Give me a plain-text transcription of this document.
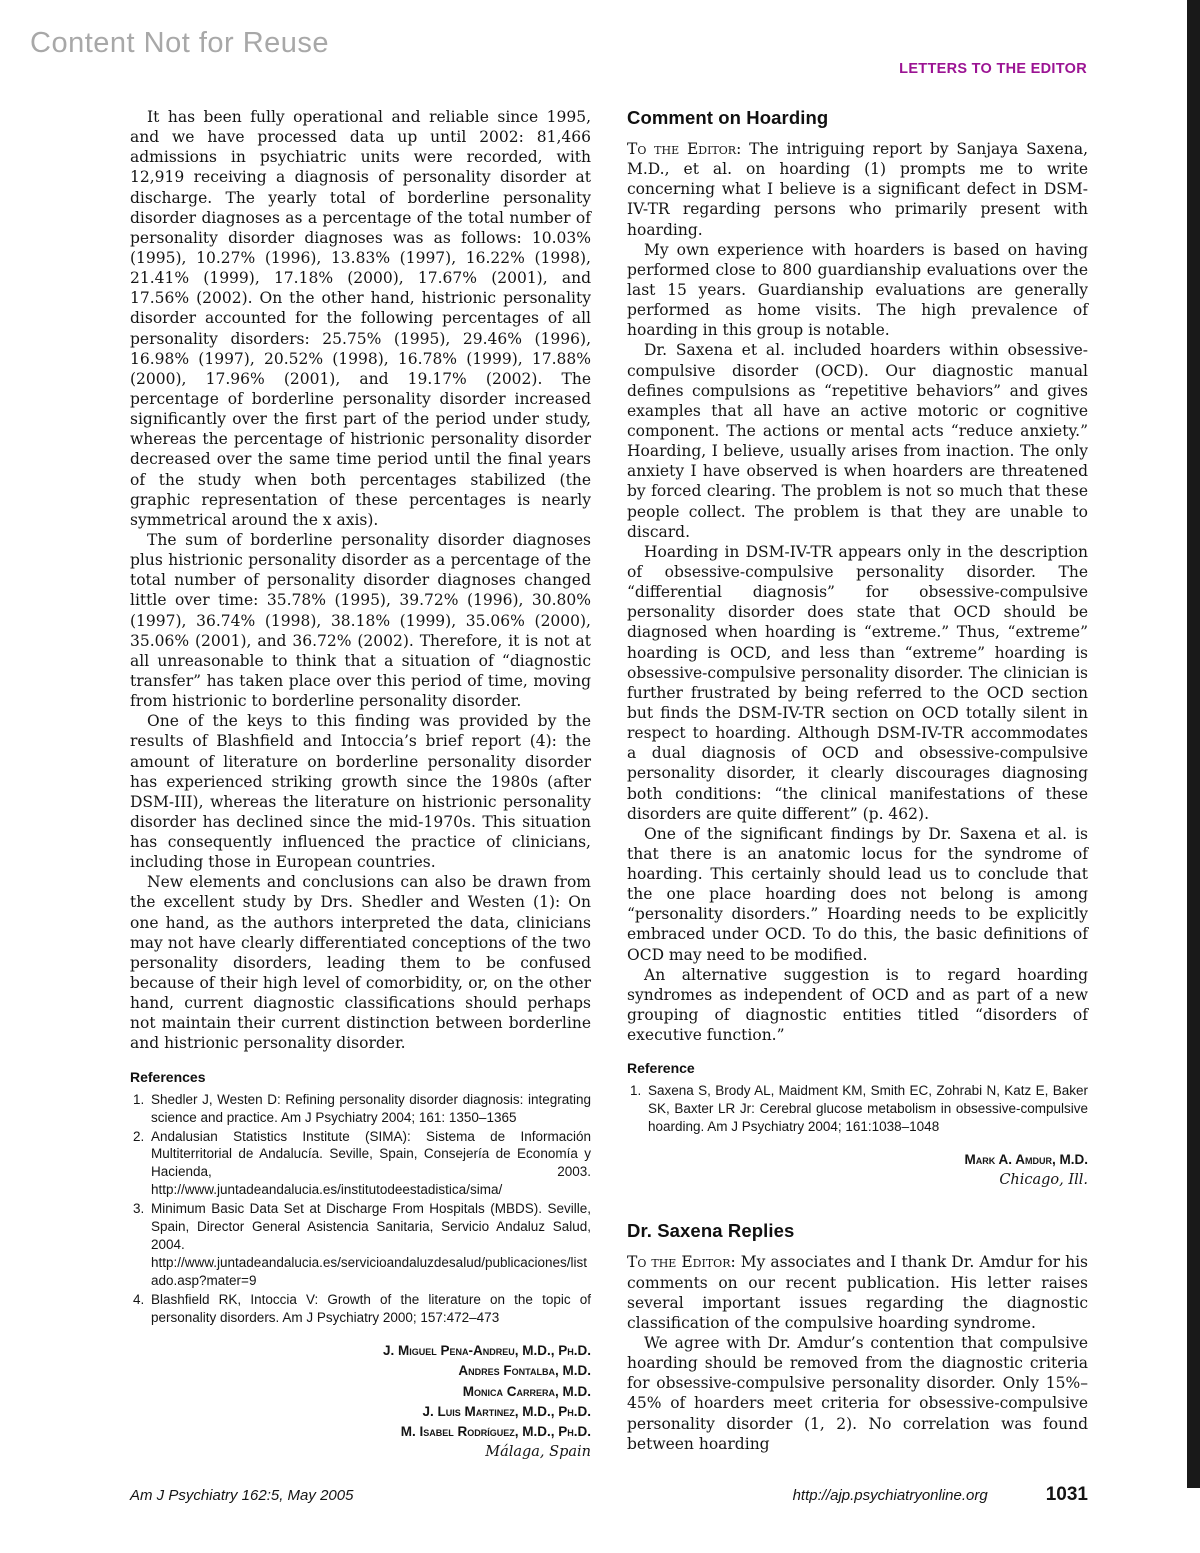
Content Not for Reuse
LETTERS TO THE EDITOR

It has been fully operational and reliable since 1995, and we have processed data up until 2002: 81,466 admissions in psychiatric units were recorded, with 12,919 receiving a diagnosis of personality disorder at discharge. The yearly total of borderline personality disorder diagnoses as a percentage of the total number of personality disorder diagnoses was as follows: 10.03% (1995), 10.27% (1996), 13.83% (1997), 16.22% (1998), 21.41% (1999), 17.18% (2000), 17.67% (2001), and 17.56% (2002). On the other hand, histrionic personality disorder accounted for the following percentages of all personality disorders: 25.75% (1995), 29.46% (1996), 16.98% (1997), 20.52% (1998), 16.78% (1999), 17.88% (2000), 17.96% (2001), and 19.17% (2002). The percentage of borderline personality disorder increased significantly over the first part of the period under study, whereas the percentage of histrionic personality disorder decreased over the same time period until the final years of the study when both percentages stabilized (the graphic representation of these percentages is nearly symmetrical around the x axis).

The sum of borderline personality disorder diagnoses plus histrionic personality disorder as a percentage of the total number of personality disorder diagnoses changed little over time: 35.78% (1995), 39.72% (1996), 30.80% (1997), 36.74% (1998), 38.18% (1999), 35.06% (2000), 35.06% (2001), and 36.72% (2002). Therefore, it is not at all unreasonable to think that a situation of “diagnostic transfer” has taken place over this period of time, moving from histrionic to borderline personality disorder.

One of the keys to this finding was provided by the results of Blashfield and Intoccia’s brief report (4): the amount of literature on borderline personality disorder has experienced striking growth since the 1980s (after DSM-III), whereas the literature on histrionic personality disorder has declined since the mid-1970s. This situation has consequently influenced the practice of clinicians, including those in European countries.

New elements and conclusions can also be drawn from the excellent study by Drs. Shedler and Westen (1): On one hand, as the authors interpreted the data, clinicians may not have clearly differentiated conceptions of the two personality disorders, leading them to be confused because of their high level of comorbidity, or, on the other hand, current diagnostic classifications should perhaps not maintain their current distinction between borderline and histrionic personality disorder.

References
Shedler J, Westen D: Refining personality disorder diagnosis: integrating science and practice. Am J Psychiatry 2004; 161: 1350–1365
Andalusian Statistics Institute (SIMA): Sistema de Información Multiterritorial de Andalucía. Seville, Spain, Consejería de Economía y Hacienda, 2003. http://www.juntadeandalucia.es/institutodeestadistica/sima/
Minimum Basic Data Set at Discharge From Hospitals (MBDS). Seville, Spain, Director General Asistencia Sanitaria, Servicio Andaluz Salud, 2004. http://www.juntadeandalucia.es/servicioandaluzdesalud/publicaciones/listado.asp?mater=9
Blashfield RK, Intoccia V: Growth of the literature on the topic of personality disorders. Am J Psychiatry 2000; 157:472–473
J. Miguel Pena-Andreu, M.D., Ph.D.
Andres Fontalba, M.D.
Monica Carrera, M.D.
J. Luis Martinez, M.D., Ph.D.
M. Isabel Rodríguez, M.D., Ph.D.
Málaga, Spain
Comment on Hoarding

To the Editor: The intriguing report by Sanjaya Saxena, M.D., et al. on hoarding (1) prompts me to write concerning what I believe is a significant defect in DSM-IV-TR regarding persons who primarily present with hoarding.

My own experience with hoarders is based on having performed close to 800 guardianship evaluations over the last 15 years. Guardianship evaluations are generally performed as home visits. The high prevalence of hoarding in this group is notable.

Dr. Saxena et al. included hoarders within obsessive-compulsive disorder (OCD). Our diagnostic manual defines compulsions as “repetitive behaviors” and gives examples that all have an active motoric or cognitive component. The actions or mental acts “reduce anxiety.” Hoarding, I believe, usually arises from inaction. The only anxiety I have observed is when hoarders are threatened by forced clearing. The problem is not so much that these people collect. The problem is that they are unable to discard.

Hoarding in DSM-IV-TR appears only in the description of obsessive-compulsive personality disorder. The “differential diagnosis” for obsessive-compulsive personality disorder does state that OCD should be diagnosed when hoarding is “extreme.” Thus, “extreme” hoarding is OCD, and less than “extreme” hoarding is obsessive-compulsive personality disorder. The clinician is further frustrated by being referred to the OCD section but finds the DSM-IV-TR section on OCD totally silent in respect to hoarding. Although DSM-IV-TR accommodates a dual diagnosis of OCD and obsessive-compulsive personality disorder, it clearly discourages diagnosing both conditions: “the clinical manifestations of these disorders are quite different” (p. 462).

One of the significant findings by Dr. Saxena et al. is that there is an anatomic locus for the syndrome of hoarding. This certainly should lead us to conclude that the one place hoarding does not belong is among “personality disorders.” Hoarding needs to be explicitly embraced under OCD. To do this, the basic definitions of OCD may need to be modified.

An alternative suggestion is to regard hoarding syndromes as independent of OCD and as part of a new grouping of diagnostic entities titled “disorders of executive function.”

Reference
Saxena S, Brody AL, Maidment KM, Smith EC, Zohrabi N, Katz E, Baker SK, Baxter LR Jr: Cerebral glucose metabolism in obsessive-compulsive hoarding. Am J Psychiatry 2004; 161:1038–1048
Mark A. Amdur, M.D.
Chicago, Ill.
Dr. Saxena Replies

To the Editor: My associates and I thank Dr. Amdur for his comments on our recent publication. His letter raises several important issues regarding the diagnostic classification of the compulsive hoarding syndrome.

We agree with Dr. Amdur’s contention that compulsive hoarding should be removed from the diagnostic criteria for obsessive-compulsive personality disorder. Only 15%–45% of hoarders meet criteria for obsessive-compulsive personality disorder (1, 2). No correlation was found between hoarding

Am J Psychiatry 162:5, May 2005	http://ajp.psychiatryonline.org	1031
